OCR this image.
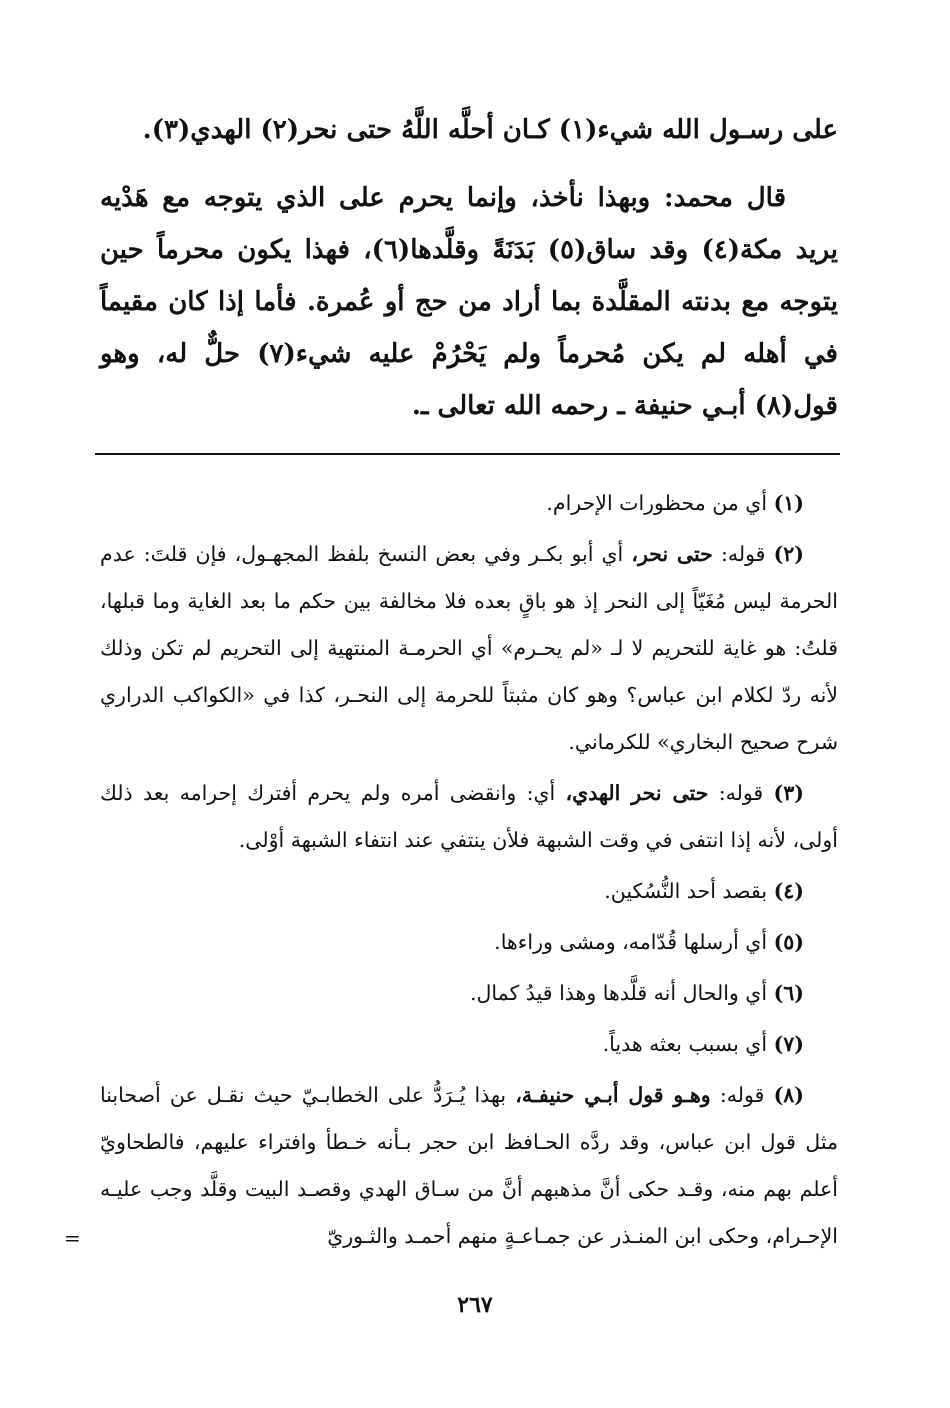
على رسـول الله شيء(١) كـان أحلَّه اللَّهُ حتى نحر(٢) الهدي(٣).

قال محمد: وبهذا نأخذ، وإنما يحرم على الذي يتوجه مع هَدْيه يريد مكة(٤) وقد ساق(٥) بَدَنَةً وقلَّدها(٦)، فهذا يكون محرماً حين يتوجه مع بدنته المقلَّدة بما أراد من حج أو عُمرة. فأما إذا كان مقيماً في أهله لم يكن مُحرماً ولم يَحْرُمْ عليه شيء(٧) حلٌّ له، وهو قول(٨) أبـي حنيفة ـ رحمه الله تعالى ـ.

(١) أي من محظورات الإحرام.

(٢) قوله: حتى نحر، أي أبو بكـر وفي بعض النسخ بلفظ المجهـول، فإن قلتَ: عدم الحرمة ليس مُغَيّاً إلى النحر إذ هو باقٍ بعده فلا مخالفة بين حكم ما بعد الغاية وما قبلها، قلتُ: هو غاية للتحريم لا لـ «لم يحـرم» أي الحرمـة المنتهية إلى التحريم لم تكن وذلك لأنه ردّ لكلام ابن عباس؟ وهو كان مثبتاً للحرمة إلى النحـر، كذا في «الكواكب الدراري شرح صحيح البخاري» للكرماني.

(٣) قوله: حتى نحر الهدي، أي: وانقضى أمره ولم يحرم أفترك إحرامه بعد ذلك أولى، لأنه إذا انتفى في وقت الشبهة فلأن ينتفي عند انتفاء الشبهة أوْلى.

(٤) بقصد أحد النُّسُكين.

(٥) أي أرسلها قُدّامه، ومشى وراءها.

(٦) أي والحال أنه قلَّدها وهذا قيدُ كمال.

(٧) أي بسبب بعثه هدياً.

(٨) قوله: وهـو قول أبـي حنيفـة، بهذا يُـرَدُّ على الخطابـيّ حيث نقـل عن أصحابنا مثل قول ابن عباس، وقد ردَّه الحـافظ ابن حجر بـأنه خـطأ وافتراء عليهم، فالطحاويّ أعلم بهم منه، وقـد حكى أنَّ مذهبهم أنَّ من سـاق الهدي وقصـد البيت وقلَّد وجب عليـه الإحـرام، وحكى ابن المنـذر عن جمـاعـةٍ منهم أحمـد والثـوريّ

=
٢٦٧
